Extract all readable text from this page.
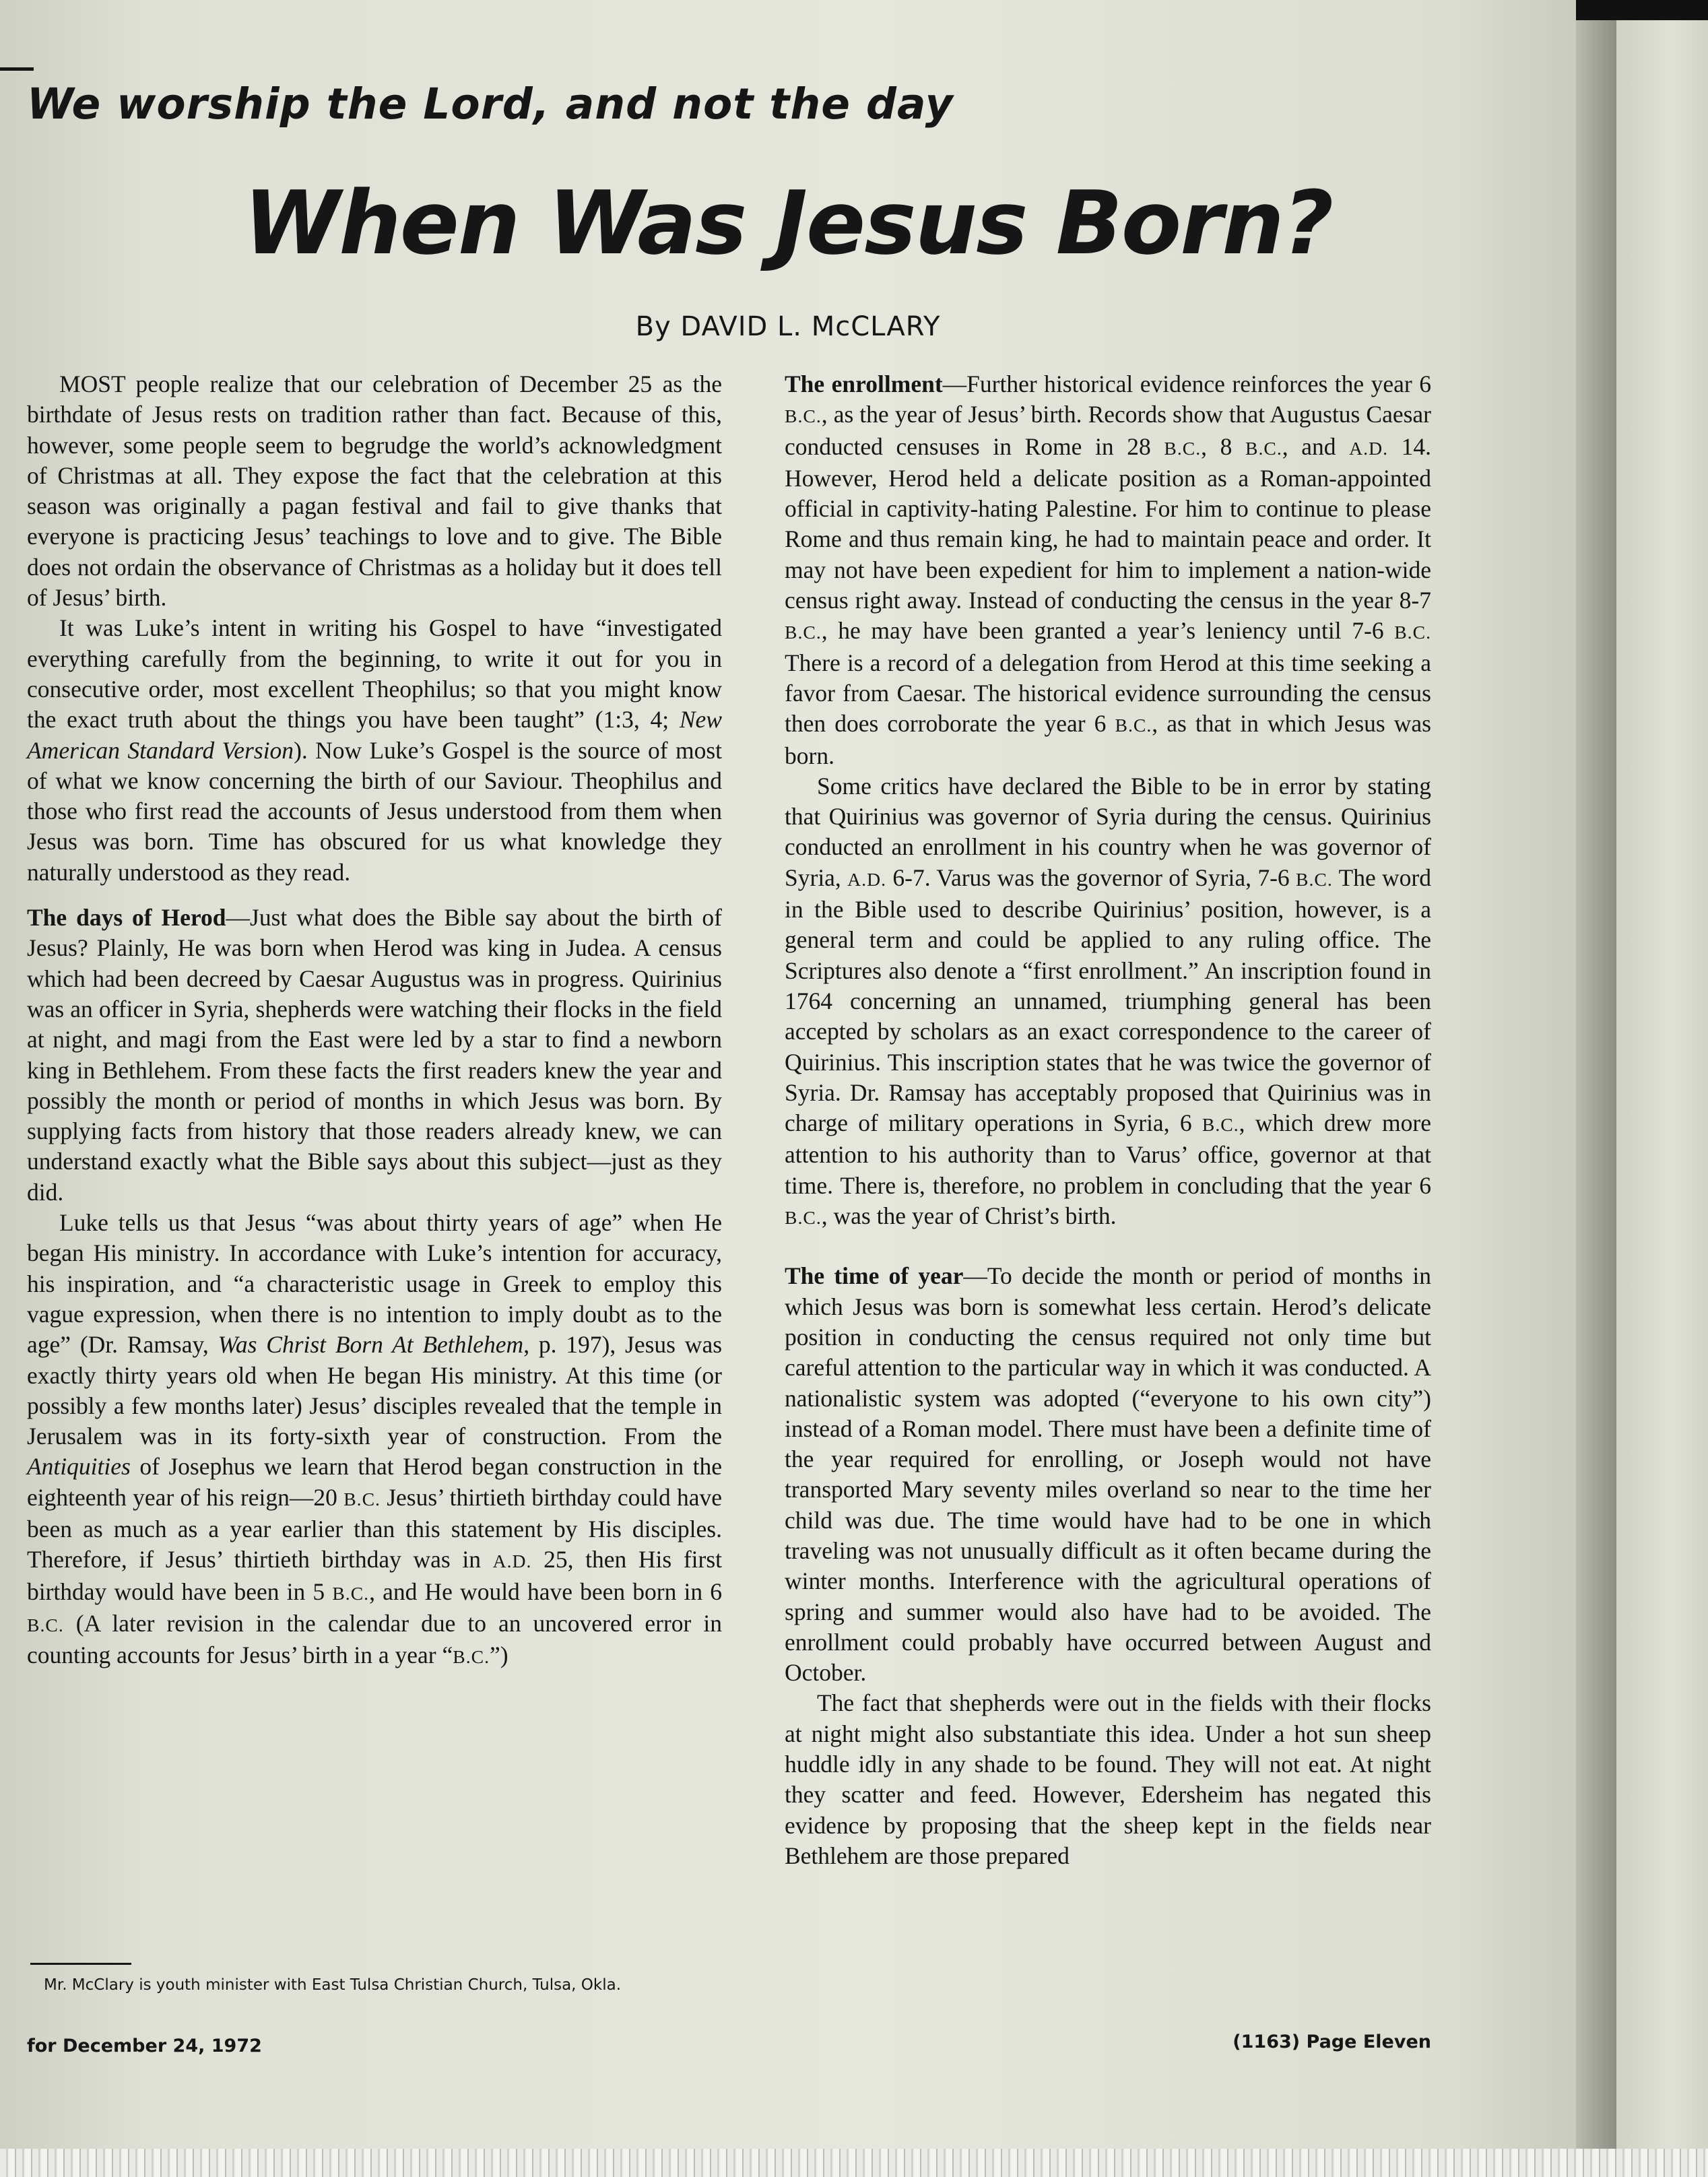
We worship the Lord, and not the day
When Was Jesus Born?
By DAVID L. McCLARY

MOST people realize that our celebration of December 25 as the birthdate of Jesus rests on tradition rather than fact. Because of this, however, some people seem to begrudge the world’s acknowledgment of Christmas at all. They expose the fact that the celebration at this season was originally a pagan festival and fail to give thanks that everyone is practicing Jesus’ teachings to love and to give. The Bible does not ordain the observance of Christmas as a holiday but it does tell of Jesus’ birth.

It was Luke’s intent in writing his Gospel to have “investigated everything carefully from the beginning, to write it out for you in consecutive order, most excellent Theophilus; so that you might know the exact truth about the things you have been taught” (1:3, 4; New American Standard Version). Now Luke’s Gospel is the source of most of what we know concerning the birth of our Saviour. Theophilus and those who first read the accounts of Jesus understood from them when Jesus was born. Time has obscured for us what knowledge they naturally understood as they read.

The days of Herod—Just what does the Bible say about the birth of Jesus? Plainly, He was born when Herod was king in Judea. A census which had been decreed by Caesar Augustus was in progress. Quirinius was an officer in Syria, shepherds were watching their flocks in the field at night, and magi from the East were led by a star to find a newborn king in Bethlehem. From these facts the first readers knew the year and possibly the month or period of months in which Jesus was born. By supplying facts from history that those readers already knew, we can understand exactly what the Bible says about this subject—just as they did.

Luke tells us that Jesus “was about thirty years of age” when He began His ministry. In accordance with Luke’s intention for accuracy, his inspiration, and “a characteristic usage in Greek to employ this vague expression, when there is no intention to imply doubt as to the age” (Dr. Ramsay, Was Christ Born At Bethlehem, p. 197), Jesus was exactly thirty years old when He began His ministry. At this time (or possibly a few months later) Jesus’ disciples revealed that the temple in Jerusalem was in its forty-sixth year of construction. From the Antiquities of Josephus we learn that Herod began construction in the eighteenth year of his reign—20 B.C. Jesus’ thirtieth birthday could have been as much as a year earlier than this statement by His disciples. Therefore, if Jesus’ thirtieth birthday was in A.D. 25, then His first birthday would have been in 5 B.C., and He would have been born in 6 B.C. (A later revision in the calendar due to an uncovered error in counting accounts for Jesus’ birth in a year “B.C.”)

The enrollment—Further historical evidence reinforces the year 6 B.C., as the year of Jesus’ birth. Records show that Augustus Caesar conducted censuses in Rome in 28 B.C., 8 B.C., and A.D. 14. However, Herod held a delicate position as a Roman-appointed official in captivity-hating Palestine. For him to continue to please Rome and thus remain king, he had to maintain peace and order. It may not have been expedient for him to implement a nation-wide census right away. Instead of conducting the census in the year 8-7 B.C., he may have been granted a year’s leniency until 7-6 B.C. There is a record of a delegation from Herod at this time seeking a favor from Caesar. The historical evidence surrounding the census then does corroborate the year 6 B.C., as that in which Jesus was born.

Some critics have declared the Bible to be in error by stating that Quirinius was governor of Syria during the census. Quirinius conducted an enrollment in his country when he was governor of Syria, A.D. 6-7. Varus was the governor of Syria, 7-6 B.C. The word in the Bible used to describe Quirinius’ position, however, is a general term and could be applied to any ruling office. The Scriptures also denote a “first enrollment.” An inscription found in 1764 concerning an unnamed, triumphing general has been accepted by scholars as an exact correspondence to the career of Quirinius. This inscription states that he was twice the governor of Syria. Dr. Ramsay has acceptably proposed that Quirinius was in charge of military operations in Syria, 6 B.C., which drew more attention to his authority than to Varus’ office, governor at that time. There is, therefore, no problem in concluding that the year 6 B.C., was the year of Christ’s birth.

The time of year—To decide the month or period of months in which Jesus was born is somewhat less certain. Herod’s delicate position in conducting the census required not only time but careful attention to the particular way in which it was conducted. A nationalistic system was adopted (“everyone to his own city”) instead of a Roman model. There must have been a definite time of the year required for enrolling, or Joseph would not have transported Mary seventy miles overland so near to the time her child was due. The time would have had to be one in which traveling was not unusually difficult as it often became during the winter months. Interference with the agricultural operations of spring and summer would also have had to be avoided. The enrollment could probably have occurred between August and October.

The fact that shepherds were out in the fields with their flocks at night might also substantiate this idea. Under a hot sun sheep huddle idly in any shade to be found. They will not eat. At night they scatter and feed. However, Edersheim has negated this evidence by proposing that the sheep kept in the fields near Bethlehem are those prepared

Mr. McClary is youth minister with East Tulsa Christian Church, Tulsa, Okla.
for December 24, 1972	(1163) Page Eleven
